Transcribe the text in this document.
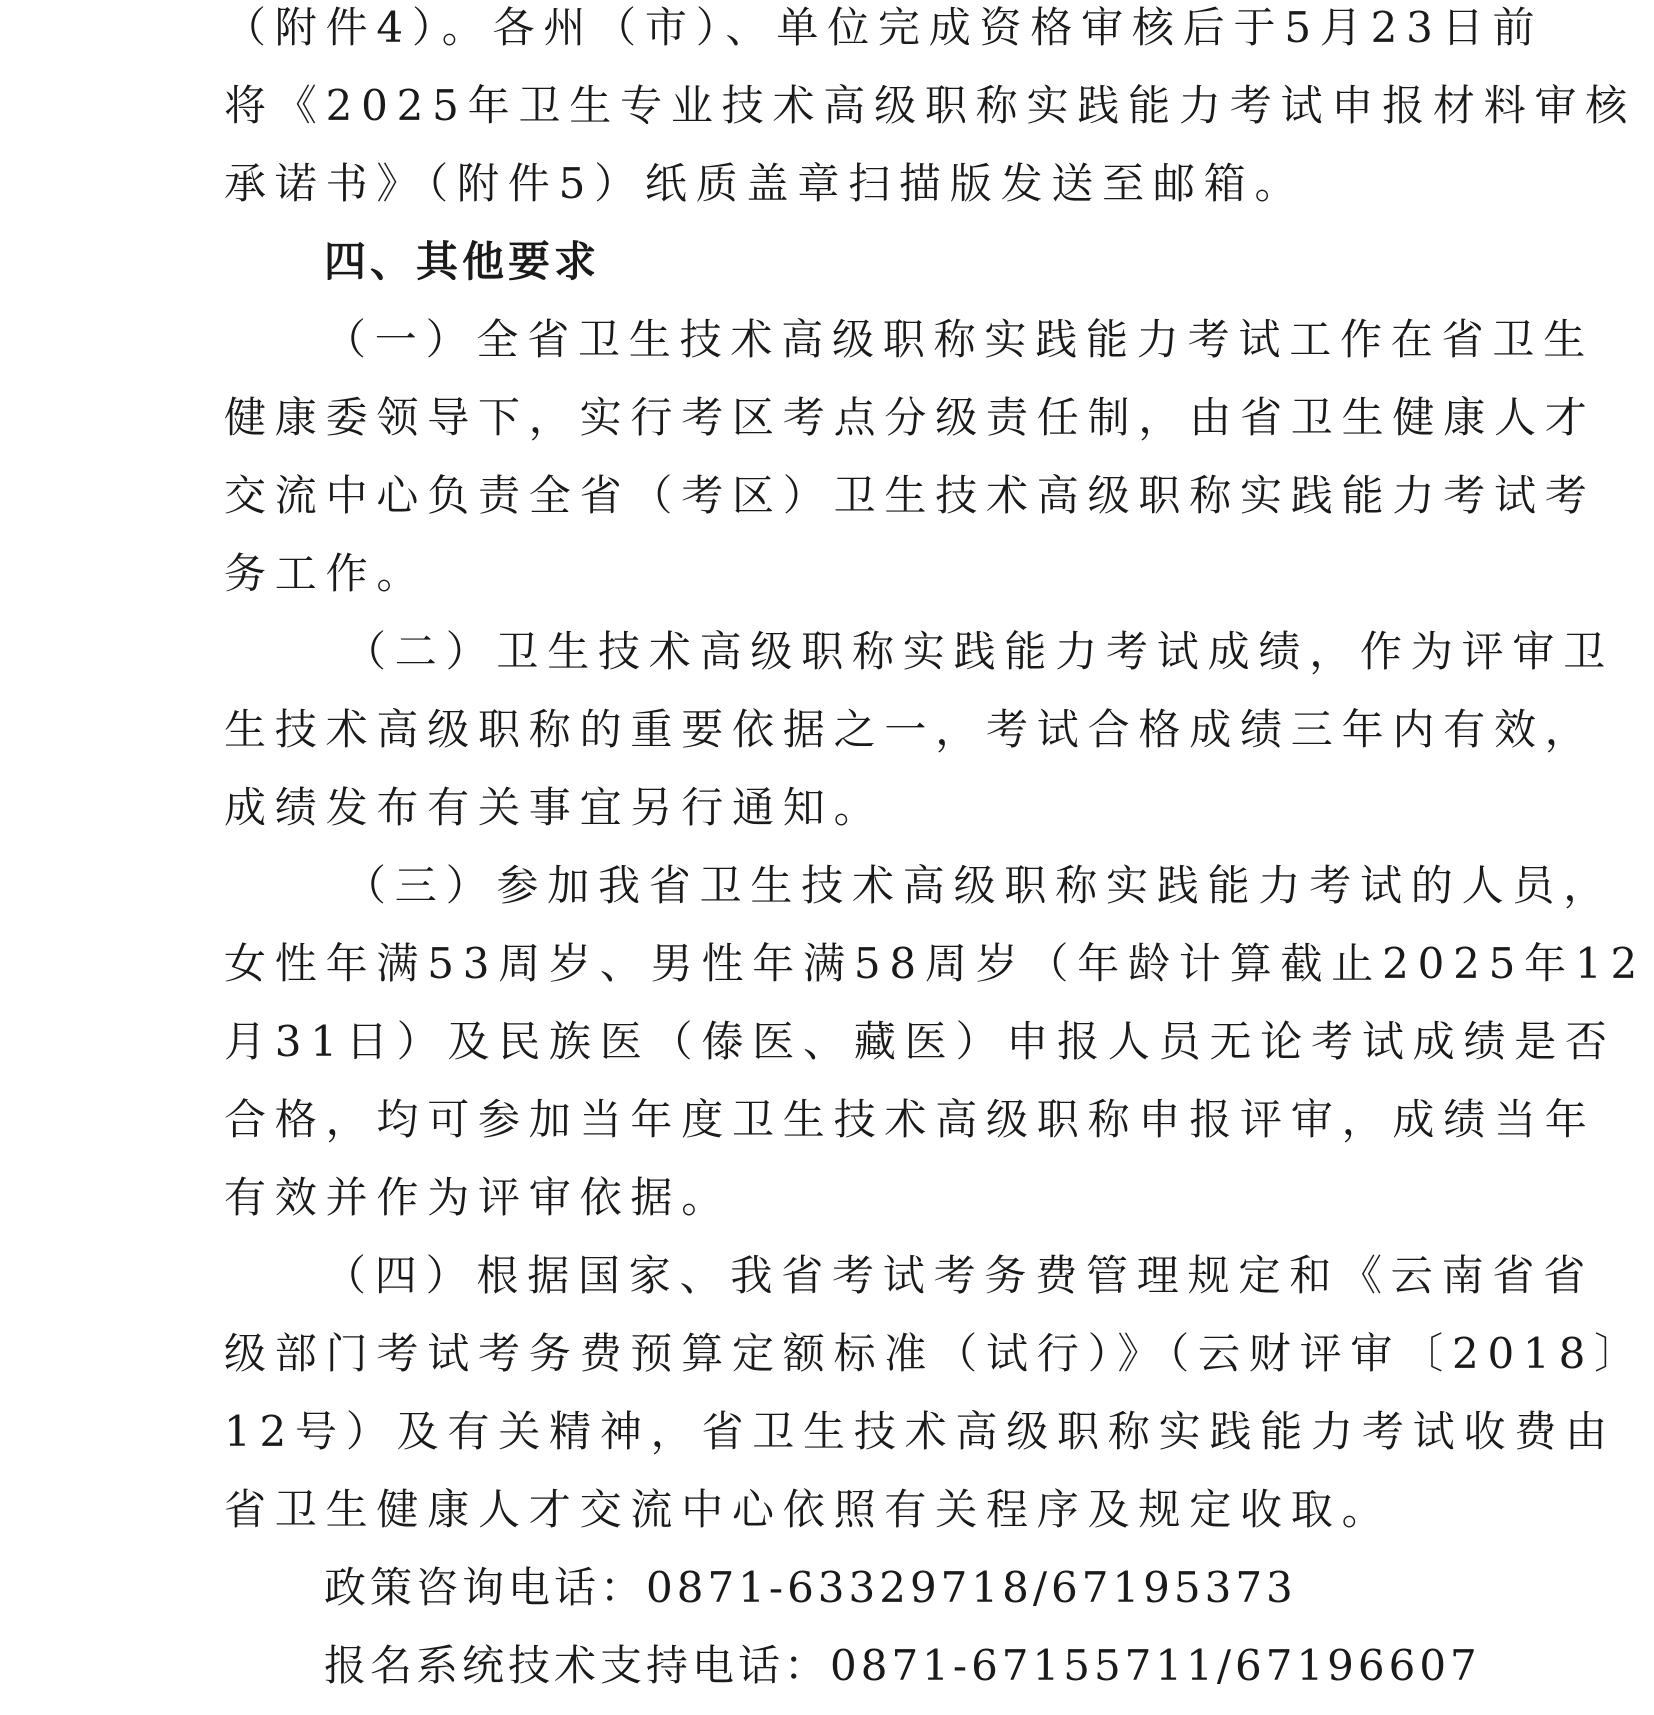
（附件4）。各州（市）、单位完成资格审核后于5月23日前
将《2025年卫生专业技术高级职称实践能力考试申报材料审核
承诺书》（附件5）纸质盖章扫描版发送至邮箱。
四、其他要求
（一）全省卫生技术高级职称实践能力考试工作在省卫生
健康委领导下，实行考区考点分级责任制，由省卫生健康人才
交流中心负责全省（考区）卫生技术高级职称实践能力考试考
务工作。
（二）卫生技术高级职称实践能力考试成绩，作为评审卫
生技术高级职称的重要依据之一，考试合格成绩三年内有效，
成绩发布有关事宜另行通知。
（三）参加我省卫生技术高级职称实践能力考试的人员，
女性年满53周岁、男性年满58周岁（年龄计算截止2025年12
月31日）及民族医（傣医、藏医）申报人员无论考试成绩是否
合格，均可参加当年度卫生技术高级职称申报评审，成绩当年
有效并作为评审依据。
（四）根据国家、我省考试考务费管理规定和《云南省省
级部门考试考务费预算定额标准（试行）》（云财评审〔2018〕
12号）及有关精神，省卫生技术高级职称实践能力考试收费由
省卫生健康人才交流中心依照有关程序及规定收取。
政策咨询电话：0871-63329718/67195373
报名系统技术支持电话：0871-67155711/67196607
